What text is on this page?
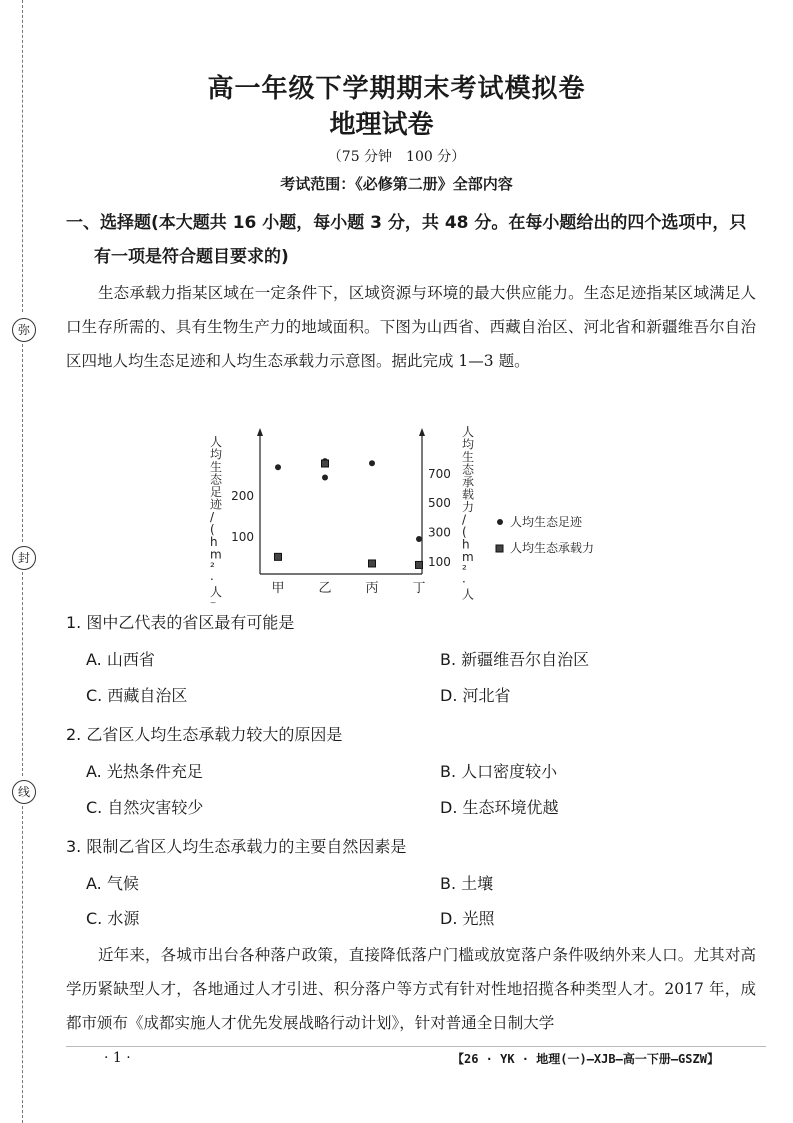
弥
封
线
高一年级下学期期末考试模拟卷
地理试卷
（75 分钟　100 分）
考试范围：《必修第二册》全部内容
一、选择题(本大题共 16 小题，每小题 3 分，共 48 分。在每小题给出的四个选项中，只
有一项是符合题目要求的)
生态承载力指某区域在一定条件下，区域资源与环境的最大供应能力。生态足迹指某区域满足人口生存所需的、具有生物生产力的地域面积。下图为山西省、西藏自治区、河北省和新疆维吾尔自治区四地人均生态足迹和人均生态承载力示意图。据此完成 1—3 题。
人均生态足迹/ ( h m ² ·人
人均生态承载力/ ( h m ² ·人
100
200
100
300
500
700
甲	乙	丙	丁
人均生态足迹
人均生态承载力
1. 图中乙代表的省区最有可能是
A. 山西省	B. 新疆维吾尔自治区
C. 西藏自治区	D. 河北省
2. 乙省区人均生态承载力较大的原因是
A. 光热条件充足	B. 人口密度较小
C. 自然灾害较少	D. 生态环境优越
3. 限制乙省区人均生态承载力的主要自然因素是
A. 气候	B. 土壤
C. 水源	D. 光照
近年来，各城市出台各种落户政策，直接降低落户门槛或放宽落户条件吸纳外来人口。尤其对高学历紧缺型人才，各地通过人才引进、积分落户等方式有针对性地招揽各种类型人才。2017 年，成都市颁布《成都实施人才优先发展战略行动计划》，针对普通全日制大学
· 1 ·	【26 · YK · 地理(一)—XJB—高一下册—GSZW】
